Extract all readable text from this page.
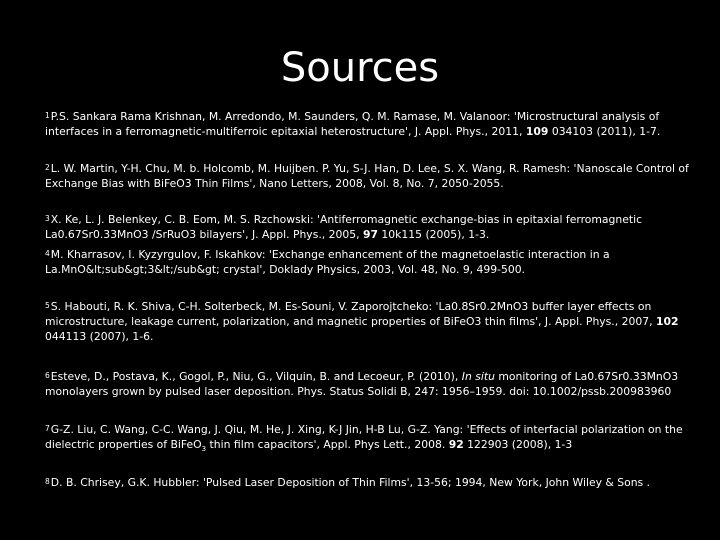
Sources

1P.S. Sankara Rama Krishnan, M. Arredondo, M. Saunders, Q. M. Ramase, M. Valanoor: 'Microstructural analysis of interfaces in a ferromagnetic-multiferroic epitaxial heterostructure', J. Appl. Phys., 2011, 109 034103 (2011), 1-7.

2L. W. Martin, Y-H. Chu, M. b. Holcomb, M. Huijben. P. Yu, S-J. Han, D. Lee, S. X. Wang, R. Ramesh: 'Nanoscale Control of Exchange Bias with BiFeO3 Thin Films', Nano Letters, 2008, Vol. 8, No. 7, 2050-2055.

3X. Ke, L. J. Belenkey, C. B. Eom, M. S. Rzchowski: 'Antiferromagnetic exchange-bias in epitaxial ferromagnetic La0.67Sr0.33MnO3 /SrRuO3 bilayers', J. Appl. Phys., 2005, 97 10k115 (2005), 1-3.

4M. Kharrasov, I. Kyzyrgulov, F. Iskahkov: 'Exchange enhancement of the magnetoelastic interaction in a La.MnO&lt;sub&gt;3&lt;/sub&gt; crystal', Doklady Physics, 2003, Vol. 48, No. 9, 499-500.

5S. Habouti, R. K. Shiva, C-H. Solterbeck, M. Es-Souni, V. Zaporojtcheko: 'La0.8Sr0.2MnO3 buffer layer effects on microstructure, leakage current, polarization, and magnetic properties of BiFeO3 thin films', J. Appl. Phys., 2007, 102 044113 (2007), 1-6.

6Esteve, D., Postava, K., Gogol, P., Niu, G., Vilquin, B. and Lecoeur, P. (2010), In situ monitoring of La0.67Sr0.33MnO3 monolayers grown by pulsed laser deposition. Phys. Status Solidi B, 247: 1956–1959. doi: 10.1002/pssb.200983960

7G-Z. Liu, C. Wang, C-C. Wang, J. Qiu, M. He, J. Xing, K-J Jin, H-B Lu, G-Z. Yang: 'Effects of interfacial polarization on the dielectric properties of BiFeO$_3$ thin film capacitors', Appl. Phys Lett., 2008. 92 122903 (2008), 1-3

8D. B. Chrisey, G.K. Hubbler: 'Pulsed Laser Deposition of Thin Films', 13-56; 1994, New York, John Wiley & Sons .
